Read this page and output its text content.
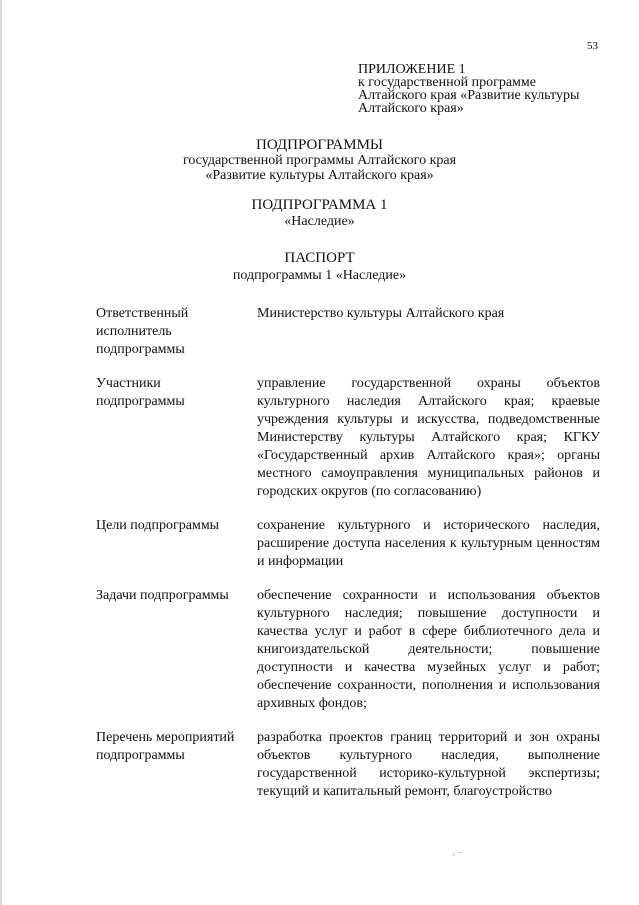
53
ПРИЛОЖЕНИЕ 1
к государственной программе
Алтайского края «Развитие культуры
Алтайского края»
ПОДПРОГРАММЫ
государственной программы Алтайского края
«Развитие культуры Алтайского края»
ПОДПРОГРАММА 1
«Наследие»
ПАСПОРТ
подпрограммы 1 «Наследие»
Ответственный исполнитель подпрограммы	Министерство культуры Алтайского края
Участники подпрограммы	управление государственной охраны объектов культурного наследия Алтайского края; краевые учреждения культуры и искусства, подведомственные Министерству культуры Алтайского края; КГКУ «Государственный архив Алтайского края»; органы местного самоуправления муниципальных районов и городских округов (по согласованию)
Цели подпрограммы	сохранение культурного и исторического наследия, расширение доступа населения к культурным ценностям и информации
Задачи подпрограммы	обеспечение сохранности и использования объектов культурного наследия; повышение доступности и качества услуг и работ в сфере библиотечного дела и книгоиздательской деятельности; повышение доступности и качества музейных услуг и работ; обеспечение сохранности, пополнения и использования архивных фондов;
Перечень мероприятий подпрограммы	разработка проектов границ территорий и зон охраны объектов культурного наследия, выполнение государственной историко-культурной экспертизы; текущий и капитальный ремонт, благоустройство
· ⁻
